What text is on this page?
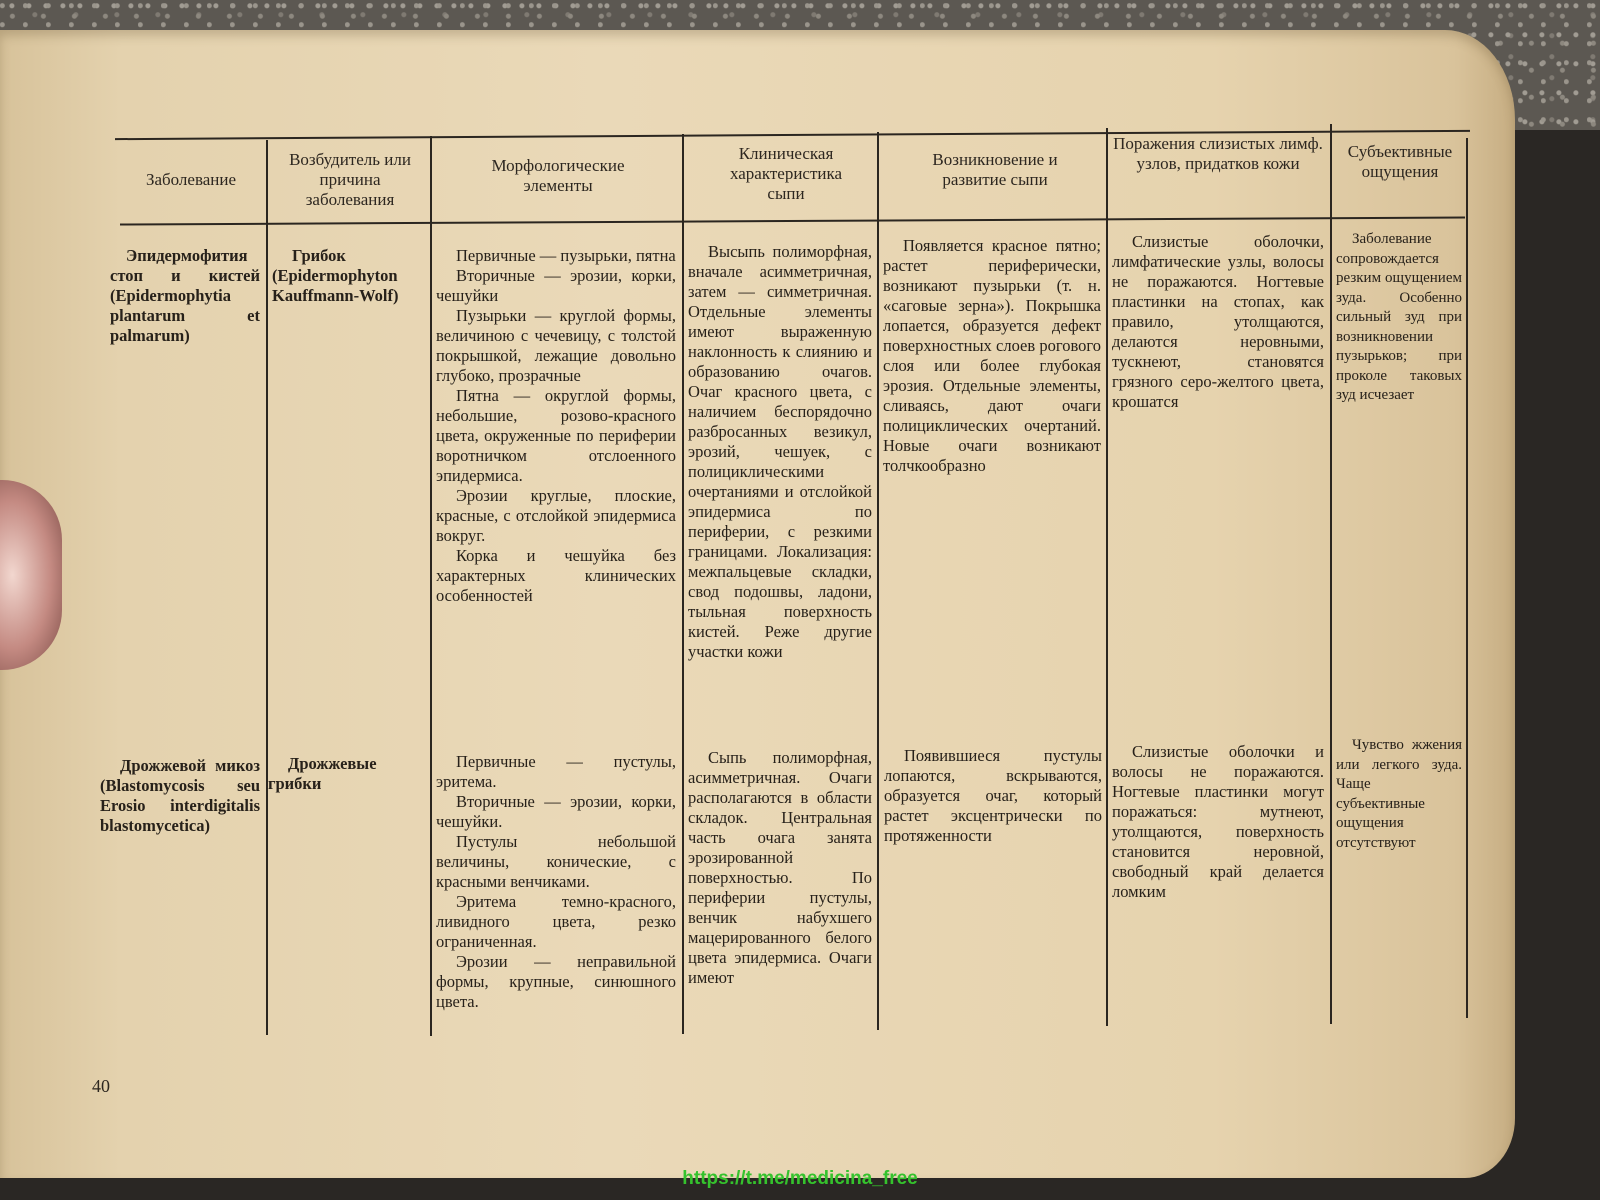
Заболевание
Возбудитель или причина заболевания
Морфологические элементы
Клиническая характеристика сыпи
Возникновение и развитие сыпи
Поражения слизистых лимф. узлов, придатков кожи
Субъективные ощущения

Эпидермофития стоп и кистей (Epidermophytia plantarum et palmarum)

Грибок (Epidermophyton Kauffmann-Wolf)

Первичные — пузырьки, пятна

Вторичные — эрозии, корки, чешуйки

Пузырьки — круглой формы, величиною с чечевицу, с толстой покрышкой, лежащие довольно глубоко, прозрачные

Пятна — округлой формы, небольшие, розово-красного цвета, окруженные по периферии воротничком отслоенного эпидермиса.

Эрозии круглые, плоские, красные, с отслойкой эпидермиса вокруг.

Корка и чешуйка без характерных клинических особенностей

Высыпь полиморфная, вначале асимметричная, затем — симметричная. Отдельные элементы имеют выраженную наклонность к слиянию и образованию очагов. Очаг красного цвета, с наличием беспорядочно разбросанных везикул, эрозий, чешуек, с полициклическими очертаниями и отслойкой эпидермиса по периферии, с резкими границами. Локализация: межпальцевые складки, свод подошвы, ладони, тыльная поверхность кистей. Реже другие участки кожи

Появляется красное пятно; растет периферически, возникают пузырьки (т. н. «саговые зерна»). Покрышка лопается, образуется дефект поверхностных слоев рогового слоя или более глубокая эрозия. Отдельные элементы, сливаясь, дают очаги полициклических очертаний. Новые очаги возникают толчкообразно

Слизистые оболочки, лимфатические узлы, волосы не поражаются. Ногтевые пластинки на стопах, как правило, утолщаются, делаются неровными, тускнеют, становятся грязного серо-желтого цвета, крошатся

Заболевание сопровождается резким ощущением зуда. Особенно сильный зуд при возникновении пузырьков; при проколе таковых зуд исчезает

Дрожжевой микоз (Blastomycosis seu Erosio interdigitalis blastomycetica)

Дрожжевые грибки

Первичные — пустулы, эритема.

Вторичные — эрозии, корки, чешуйки.

Пустулы небольшой величины, конические, с красными венчиками.

Эритема темно-красного, ливидного цвета, резко ограниченная.

Эрозии — неправильной формы, крупные, синюшного цвета.

Сыпь полиморфная, асимметричная. Очаги располагаются в области складок. Центральная часть очага занята эрозированной поверхностью. По периферии пустулы, венчик набухшего мацерированного белого цвета эпидермиса. Очаги имеют

Появившиеся пустулы лопаются, вскрываются, образуется очаг, который растет эксцентрически по протяженности

Слизистые оболочки и волосы не поражаются. Ногтевые пластинки могут поражаться: мутнеют, утолщаются, поверхность становится неровной, свободный край делается ломким

Чувство жжения или легкого зуда. Чаще субъективные ощущения отсутствуют

40
https://t.me/medicina_free
